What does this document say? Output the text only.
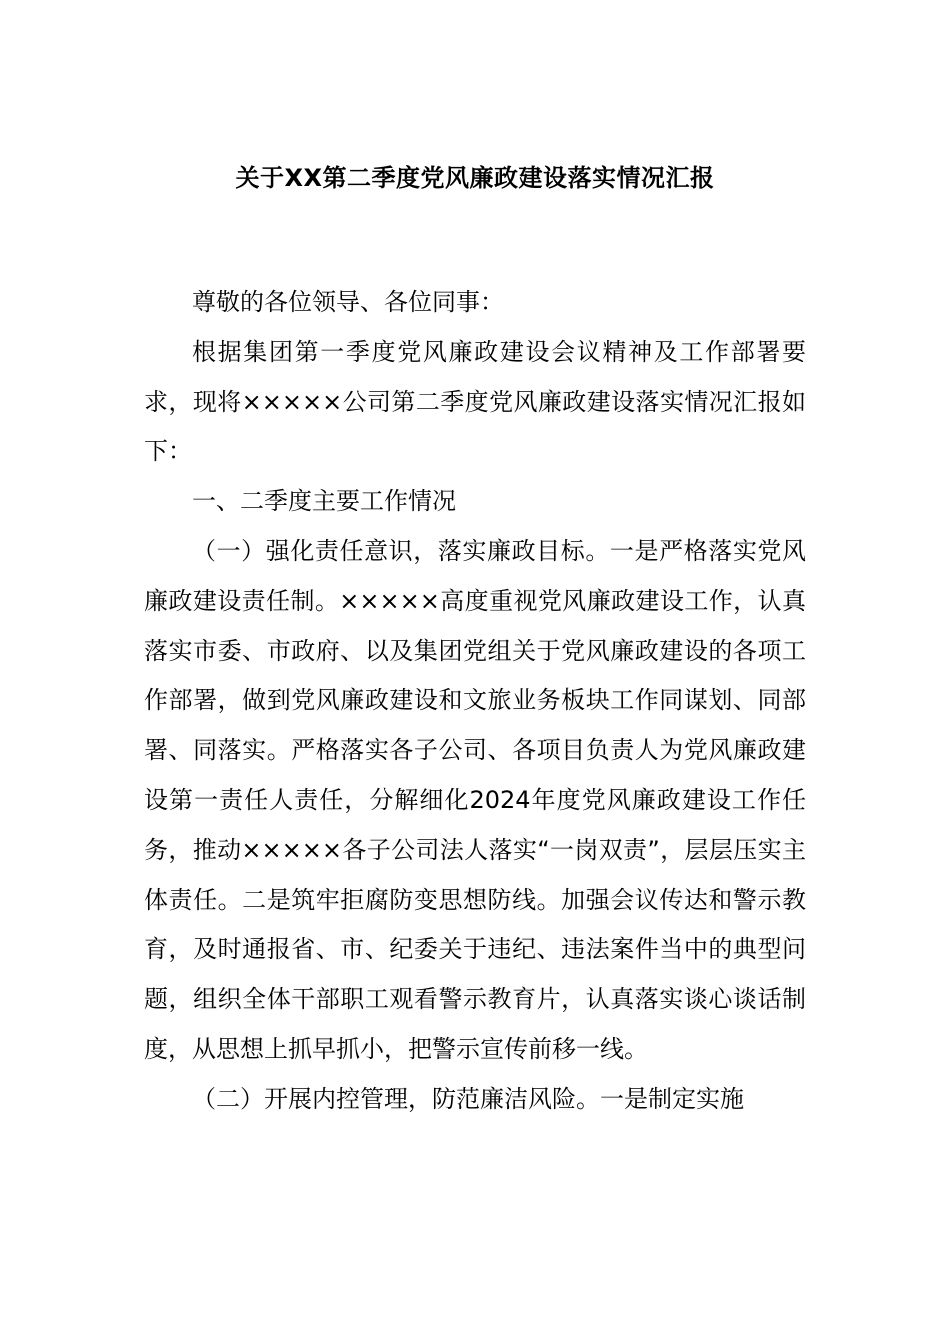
关于XX第二季度党风廉政建设落实情况汇报

尊敬的各位领导、各位同事：

根据集团第一季度党风廉政建设会议精神及工作部署要求，现将×××××公司第二季度党风廉政建设落实情况汇报如下：

一、二季度主要工作情况

（一）强化责任意识，落实廉政目标。一是严格落实党风廉政建设责任制。×××××高度重视党风廉政建设工作，认真落实市委、市政府、以及集团党组关于党风廉政建设的各项工作部署，做到党风廉政建设和文旅业务板块工作同谋划、同部署、同落实。严格落实各子公司、各项目负责人为党风廉政建设第一责任人责任，分解细化2024年度党风廉政建设工作任务，推动×××××各子公司法人落实“一岗双责”，层层压实主体责任。二是筑牢拒腐防变思想防线。加强会议传达和警示教育，及时通报省、市、纪委关于违纪、违法案件当中的典型问题，组织全体干部职工观看警示教育片，认真落实谈心谈话制度，从思想上抓早抓小，把警示宣传前移一线。

（二）开展内控管理，防范廉洁风险。一是制定实施
